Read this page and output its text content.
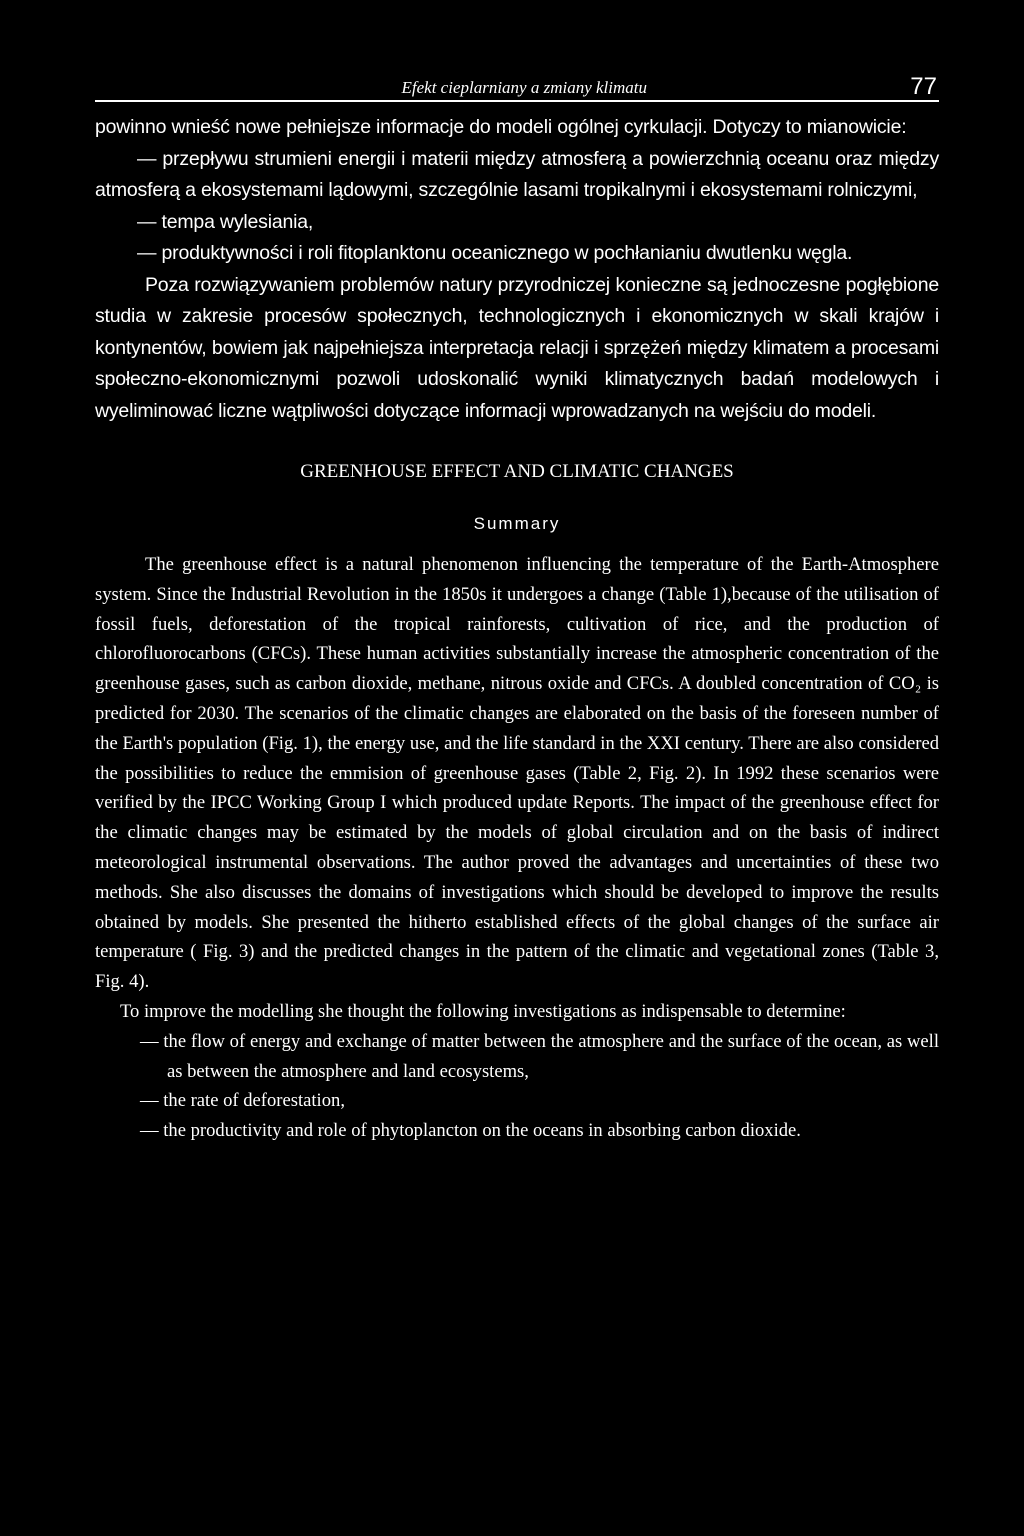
Efekt cieplarniany a zmiany klimatu	77

powinno wnieść nowe pełniejsze informacje do modeli ogólnej cyrkulacji. Dotyczy to mianowicie:

— przepływu strumieni energii i materii między atmosferą a powierzchnią oceanu oraz między atmosferą a ekosystemami lądowymi, szczególnie lasami tropikalnymi i ekosystemami rolniczymi,

— tempa wylesiania,

— produktywności i roli fitoplanktonu oceanicznego w pochłanianiu dwutlenku węgla.

Poza rozwiązywaniem problemów natury przyrodniczej konieczne są jednoczesne pogłębione studia w zakresie procesów społecznych, technologicznych i ekonomicznych w skali krajów i kontynentów, bowiem jak najpełniejsza interpretacja relacji i sprzężeń między klimatem a procesami społeczno-ekonomicznymi pozwoli udoskonalić wyniki klimatycznych badań modelowych i wyeliminować liczne wątpliwości dotyczące informacji wprowadzanych na wejściu do modeli.

GREENHOUSE EFFECT AND CLIMATIC CHANGES
Summary

The greenhouse effect is a natural phenomenon influencing the temperature of the Earth-Atmosphere system. Since the Industrial Revolution in the 1850s it undergoes a change (Table 1),because of the utilisation of fossil fuels, deforestation of the tropical rainforests, cultivation of rice, and the production of chlorofluorocarbons (CFCs). These human activities substantially increase the atmospheric concentration of the greenhouse gases, such as carbon dioxide, methane, nitrous oxide and CFCs. A doubled concentration of CO₂ is predicted for 2030. The scenarios of the climatic changes are elaborated on the basis of the foreseen number of the Earth's population (Fig. 1), the energy use, and the life standard in the XXI century. There are also considered the possibilities to reduce the emmision of greenhouse gases (Table 2, Fig. 2). In 1992 these scenarios were verified by the IPCC Working Group I which produced update Reports. The impact of the greenhouse effect for the climatic changes may be estimated by the models of global circulation and on the basis of indirect meteorological instrumental observations. The author proved the advantages and uncertainties of these two methods. She also discusses the domains of investigations which should be developed to improve the results obtained by models. She presented the hitherto established effects of the global changes of the surface air temperature ( Fig. 3) and the predicted changes in the pattern of the climatic and vegetational zones (Table 3, Fig. 4).

To improve the modelling she thought the following investigations as indispensable to determine:

— the flow of energy and exchange of matter between the atmosphere and the surface of the ocean, as well as between the atmosphere and land ecosystems,

— the rate of deforestation,

— the productivity and role of phytoplancton on the oceans in absorbing carbon dioxide.
